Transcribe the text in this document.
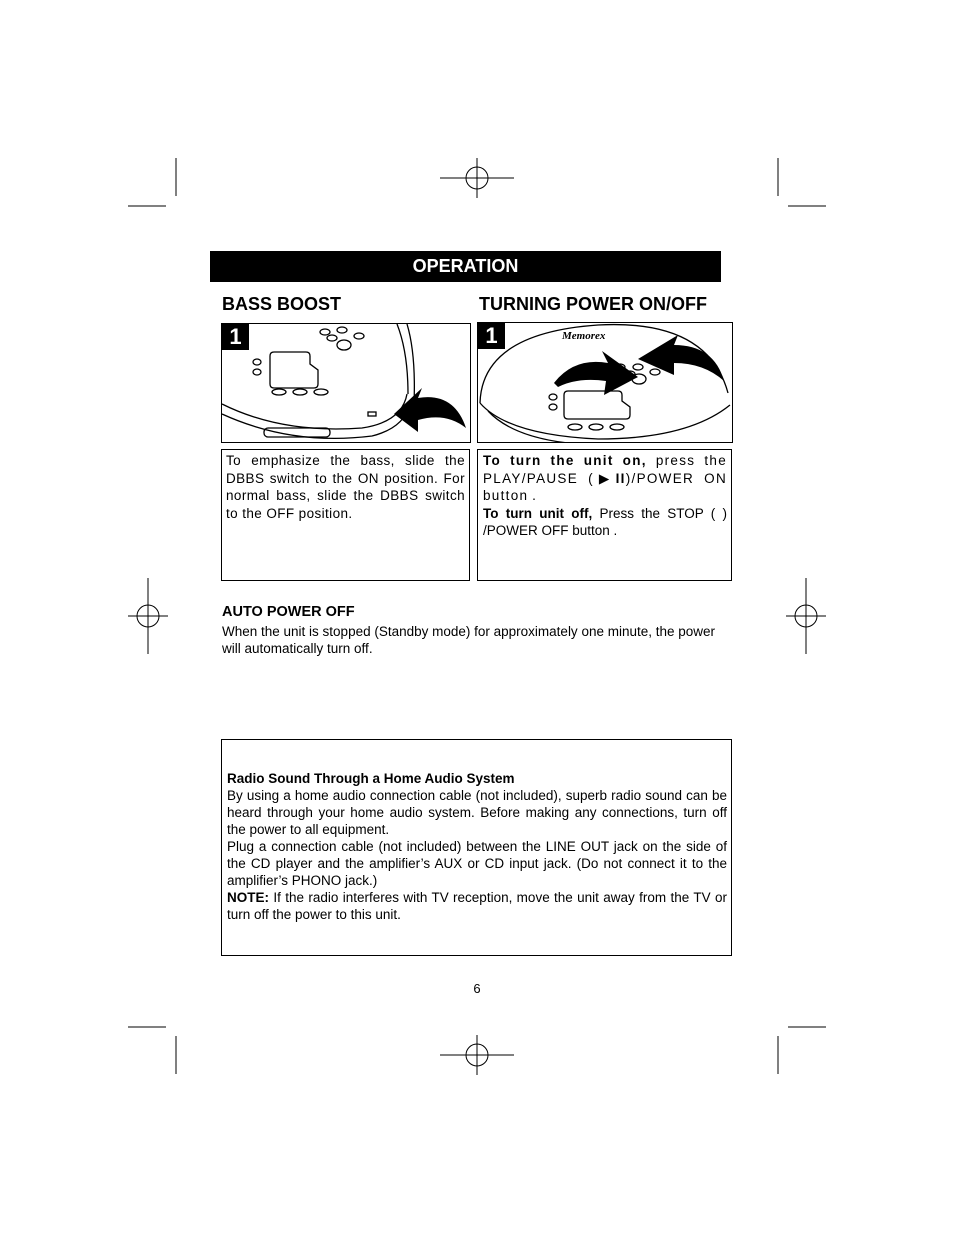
OPERATION
BASS BOOST	TURNING POWER ON/OFF
1	1	Memorex
To emphasize the bass, slide the DBBS switch to the ON position. For normal bass, slide the DBBS switch to the OFF position.
To turn the unit on, press the PLAY/PAUSE (▶II)/POWER ON button .
To turn unit off, Press the STOP ( ) /POWER OFF button .
AUTO POWER OFF
When the unit is stopped (Standby mode) for approximately one minute, the power will automatically turn off.
Radio Sound Through a Home Audio System
By using a home audio connection cable (not included), superb radio sound can be heard through your home audio system. Before making any connections, turn off the power to all equipment.
Plug a connection cable (not included) between the LINE OUT jack on the side of the CD player and the amplifier’s AUX or CD input jack. (Do not connect it to the amplifier’s PHONO jack.)
NOTE: If the radio interferes with TV reception, move the unit away from the TV or turn off the power to this unit.
6
